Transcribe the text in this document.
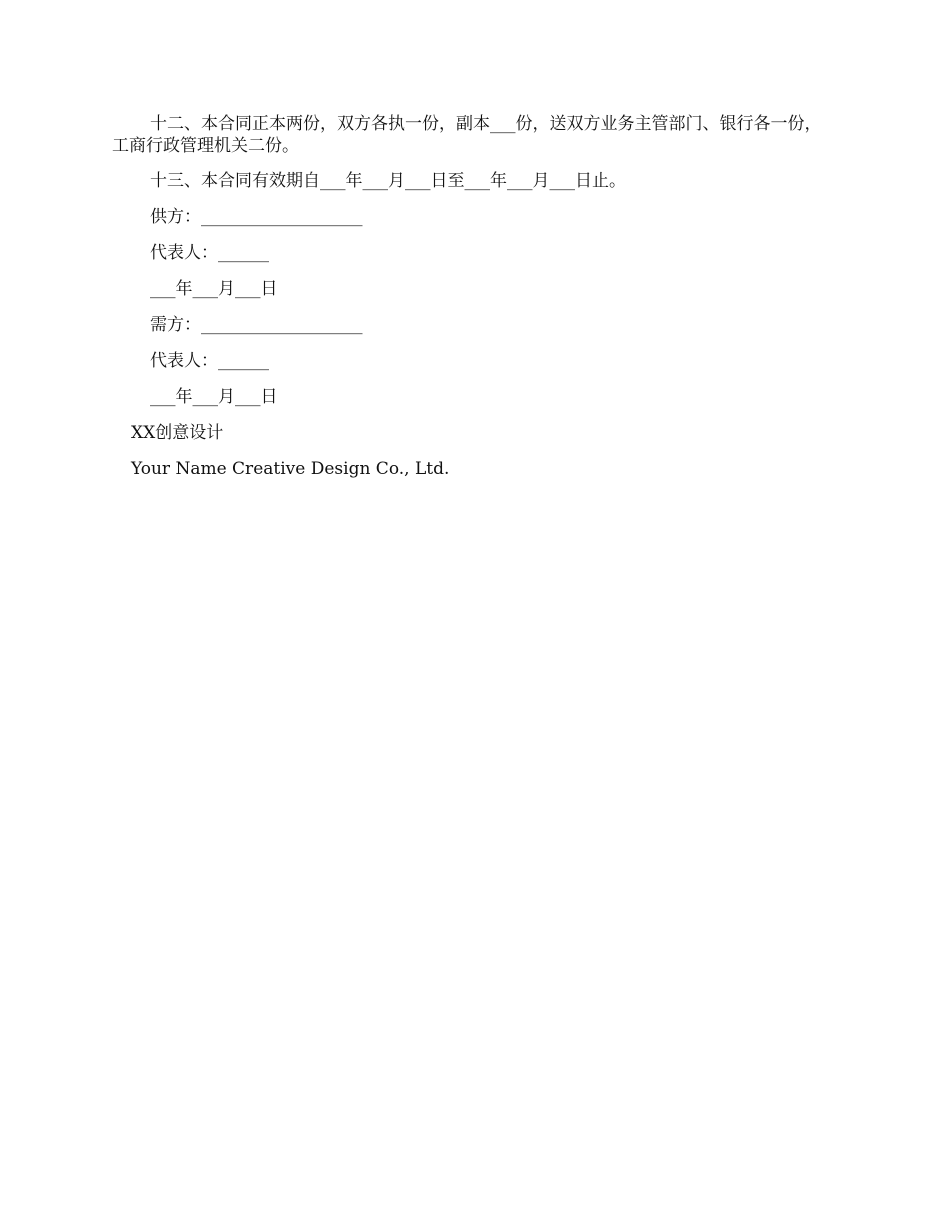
十二、本合同正本两份，双方各执一份，副本___份，送双方业务主管部门、银行各一份，工商行政管理机关二份。

十三、本合同有效期自___年___月___日至___年___月___日止。

供方：___________________

代表人：______

___年___月___日

需方：___________________

代表人：______

___年___月___日

XX创意设计

Your Name Creative Design Co., Ltd.
